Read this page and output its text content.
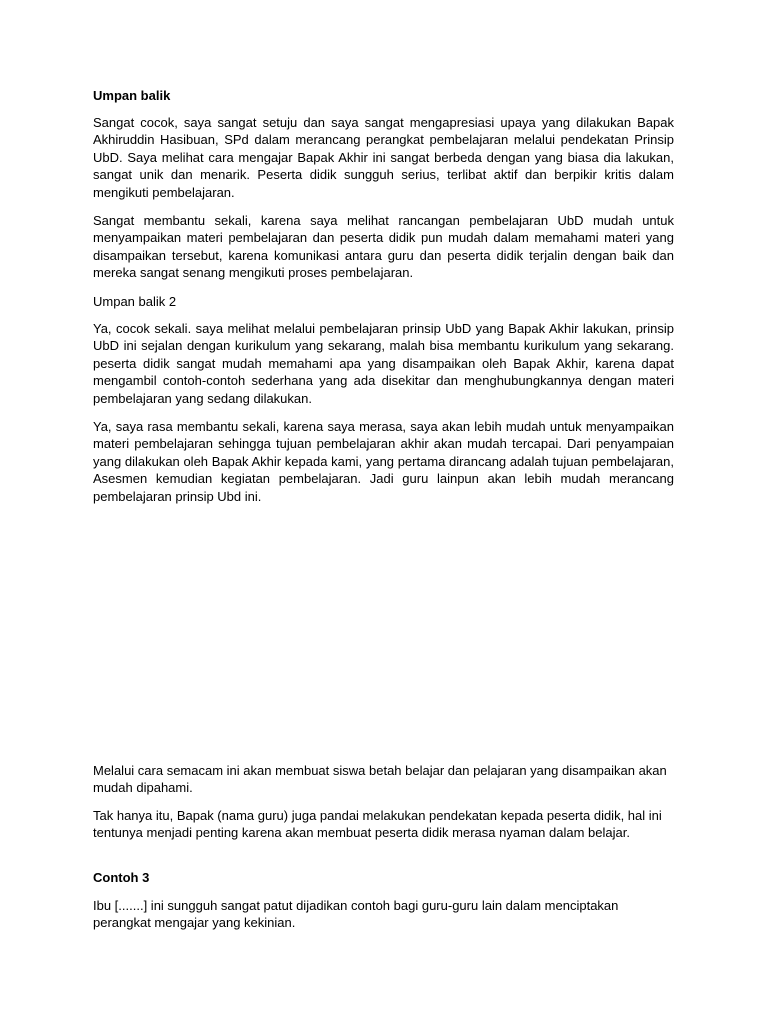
Umpan balik

Sangat cocok, saya sangat setuju dan saya sangat mengapresiasi upaya yang dilakukan Bapak Akhiruddin Hasibuan, SPd dalam merancang perangkat pembelajaran melalui pendekatan Prinsip UbD. Saya melihat cara mengajar Bapak Akhir ini sangat berbeda dengan yang biasa dia lakukan, sangat unik dan menarik. Peserta didik sungguh serius, terlibat aktif dan berpikir kritis dalam mengikuti pembelajaran.

Sangat membantu sekali, karena saya melihat rancangan pembelajaran UbD mudah untuk menyampaikan materi pembelajaran dan peserta didik pun mudah dalam memahami materi yang disampaikan tersebut, karena komunikasi antara guru dan peserta didik terjalin dengan baik dan mereka sangat senang mengikuti proses pembelajaran.

Umpan balik 2

Ya, cocok sekali. saya melihat melalui pembelajaran prinsip UbD yang Bapak Akhir lakukan, prinsip UbD ini sejalan dengan kurikulum yang sekarang, malah bisa membantu kurikulum yang sekarang. peserta didik sangat mudah memahami apa yang disampaikan oleh Bapak Akhir, karena dapat mengambil contoh-contoh sederhana yang ada disekitar dan menghubungkannya dengan materi pembelajaran yang sedang dilakukan.

Ya, saya rasa membantu sekali, karena saya merasa, saya akan lebih mudah untuk menyampaikan materi pembelajaran sehingga tujuan pembelajaran akhir akan mudah tercapai. Dari penyampaian yang dilakukan oleh Bapak Akhir kepada kami, yang pertama dirancang adalah tujuan pembelajaran, Asesmen kemudian kegiatan pembelajaran. Jadi guru lainpun akan lebih mudah merancang pembelajaran prinsip Ubd ini.

Melalui cara semacam ini akan membuat siswa betah belajar dan pelajaran yang disampaikan akan mudah dipahami.

Tak hanya itu, Bapak (nama guru) juga pandai melakukan pendekatan kepada peserta didik, hal ini tentunya menjadi penting karena akan membuat peserta didik merasa nyaman dalam belajar.

Contoh 3

Ibu [.......] ini sungguh sangat patut dijadikan contoh bagi guru-guru lain dalam menciptakan perangkat mengajar yang kekinian.
